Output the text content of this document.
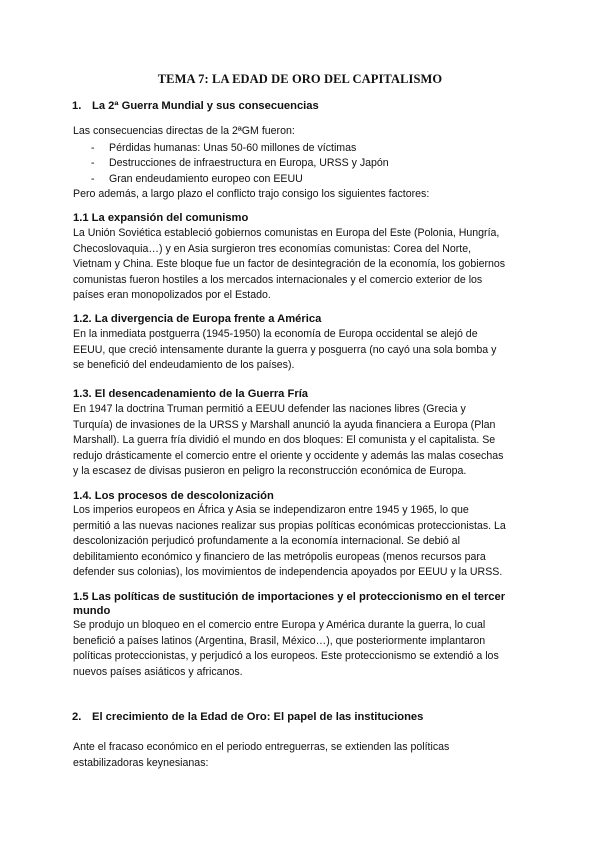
TEMA 7: LA EDAD DE ORO DEL CAPITALISMO
1. La 2ª Guerra Mundial y sus consecuencias

Las consecuencias directas de la 2ªGM fueron:

- Pérdidas humanas: Unas 50-60 millones de víctimas
- Destrucciones de infraestructura en Europa, URSS y Japón
- Gran endeudamiento europeo con EEUU

Pero además, a largo plazo el conflicto trajo consigo los siguientes factores:

1.1 La expansión del comunismo

La Unión Soviética estableció gobiernos comunistas en Europa del Este (Polonia, Hungría,
Checoslovaquia…) y en Asia surgieron tres economías comunistas: Corea del Norte,
Vietnam y China. Este bloque fue un factor de desintegración de la economía, los gobiernos
comunistas fueron hostiles a los mercados internacionales y el comercio exterior de los
países eran monopolizados por el Estado.

1.2. La divergencia de Europa frente a América

En la inmediata postguerra (1945-1950) la economía de Europa occidental se alejó de
EEUU, que creció intensamente durante la guerra y posguerra (no cayó una sola bomba y
se benefició del endeudamiento de los países).

1.3. El desencadenamiento de la Guerra Fría

En 1947 la doctrina Truman permitió a EEUU defender las naciones libres (Grecia y
Turquía) de invasiones de la URSS y Marshall anunció la ayuda financiera a Europa (Plan
Marshall). La guerra fría dividió el mundo en dos bloques: El comunista y el capitalista. Se
redujo drásticamente el comercio entre el oriente y occidente y además las malas cosechas
y la escasez de divisas pusieron en peligro la reconstrucción económica de Europa.

1.4. Los procesos de descolonización

Los imperios europeos en África y Asia se independizaron entre 1945 y 1965, lo que
permitió a las nuevas naciones realizar sus propias políticas económicas proteccionistas. La
descolonización perjudicó profundamente a la economía internacional. Se debió al
debilitamiento económico y financiero de las metrópolis europeas (menos recursos para
defender sus colonias), los movimientos de independencia apoyados por EEUU y la URSS.

1.5 Las políticas de sustitución de importaciones y el proteccionismo en el tercer
mundo

Se produjo un bloqueo en el comercio entre Europa y América durante la guerra, lo cual
benefició a países latinos (Argentina, Brasil, México…), que posteriormente implantaron
políticas proteccionistas, y perjudicó a los europeos. Este proteccionismo se extendió a los
nuevos países asiáticos y africanos.

2. El crecimiento de la Edad de Oro: El papel de las instituciones

Ante el fracaso económico en el periodo entreguerras, se extienden las políticas
estabilizadoras keynesianas:
